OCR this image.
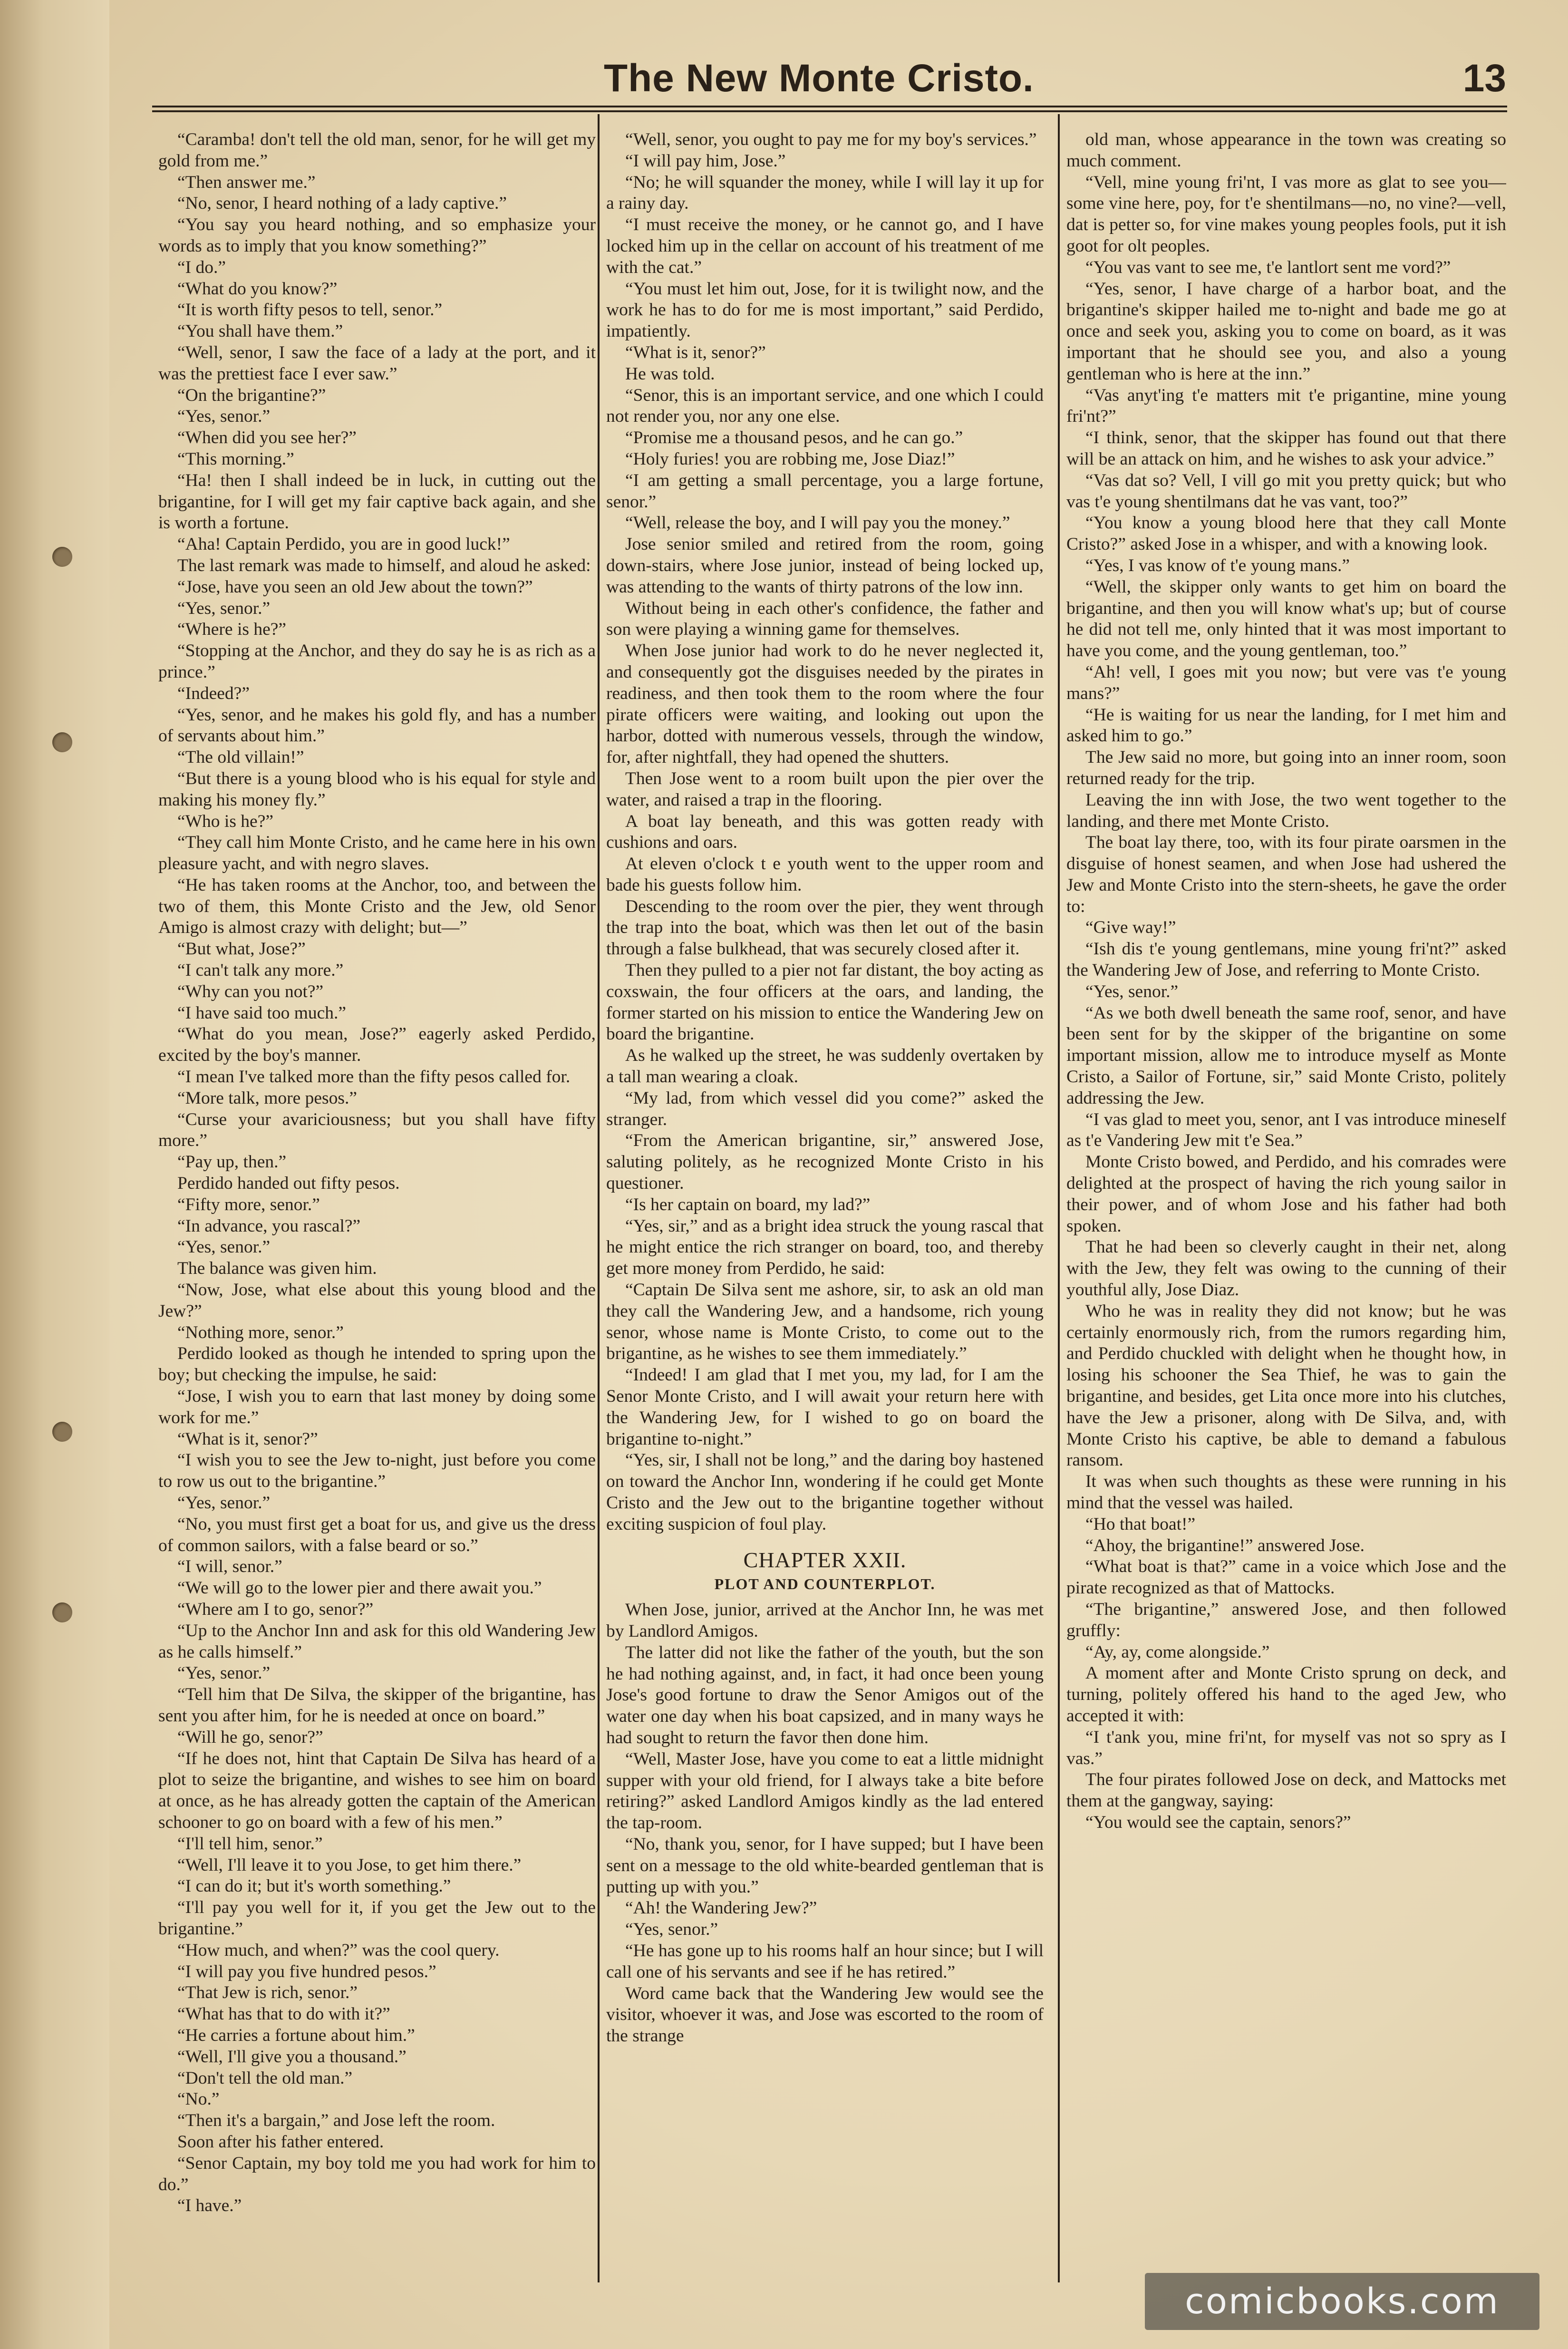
The New Monte Cristo.	13

“Caramba! don't tell the old man, senor, for he will get my gold from me.”

“Then answer me.”

“No, senor, I heard nothing of a lady captive.”

“You say you heard nothing, and so emphasize your words as to imply that you know something?”

“I do.”

“What do you know?”

“It is worth fifty pesos to tell, senor.”

“You shall have them.”

“Well, senor, I saw the face of a lady at the port, and it was the prettiest face I ever saw.”

“On the brigantine?”

“Yes, senor.”

“When did you see her?”

“This morning.”

“Ha! then I shall indeed be in luck, in cutting out the brigantine, for I will get my fair captive back again, and she is worth a fortune.

“Aha! Captain Perdido, you are in good luck!”

The last remark was made to himself, and aloud he asked:

“Jose, have you seen an old Jew about the town?”

“Yes, senor.”

“Where is he?”

“Stopping at the Anchor, and they do say he is as rich as a prince.”

“Indeed?”

“Yes, senor, and he makes his gold fly, and has a number of servants about him.”

“The old villain!”

“But there is a young blood who is his equal for style and making his money fly.”

“Who is he?”

“They call him Monte Cristo, and he came here in his own pleasure yacht, and with negro slaves.

“He has taken rooms at the Anchor, too, and between the two of them, this Monte Cristo and the Jew, old Senor Amigo is almost crazy with delight; but—”

“But what, Jose?”

“I can't talk any more.”

“Why can you not?”

“I have said too much.”

“What do you mean, Jose?” eagerly asked Perdido, excited by the boy's manner.

“I mean I've talked more than the fifty pesos called for.

“More talk, more pesos.”

“Curse your avariciousness; but you shall have fifty more.”

“Pay up, then.”

Perdido handed out fifty pesos.

“Fifty more, senor.”

“In advance, you rascal?”

“Yes, senor.”

The balance was given him.

“Now, Jose, what else about this young blood and the Jew?”

“Nothing more, senor.”

Perdido looked as though he intended to spring upon the boy; but checking the impulse, he said:

“Jose, I wish you to earn that last money by doing some work for me.”

“What is it, senor?”

“I wish you to see the Jew to-night, just before you come to row us out to the brigantine.”

“Yes, senor.”

“No, you must first get a boat for us, and give us the dress of common sailors, with a false beard or so.”

“I will, senor.”

“We will go to the lower pier and there await you.”

“Where am I to go, senor?”

“Up to the Anchor Inn and ask for this old Wandering Jew as he calls himself.”

“Yes, senor.”

“Tell him that De Silva, the skipper of the brigantine, has sent you after him, for he is needed at once on board.”

“Will he go, senor?”

“If he does not, hint that Captain De Silva has heard of a plot to seize the brigantine, and wishes to see him on board at once, as he has already gotten the captain of the American schooner to go on board with a few of his men.”

“I'll tell him, senor.”

“Well, I'll leave it to you Jose, to get him there.”

“I can do it; but it's worth something.”

“I'll pay you well for it, if you get the Jew out to the brigantine.”

“How much, and when?” was the cool query.

“I will pay you five hundred pesos.”

“That Jew is rich, senor.”

“What has that to do with it?”

“He carries a fortune about him.”

“Well, I'll give you a thousand.”

“Don't tell the old man.”

“No.”

“Then it's a bargain,” and Jose left the room.

Soon after his father entered.

“Senor Captain, my boy told me you had work for him to do.”

“I have.”

“Well, senor, you ought to pay me for my boy's services.”

“I will pay him, Jose.”

“No; he will squander the money, while I will lay it up for a rainy day.

“I must receive the money, or he cannot go, and I have locked him up in the cellar on account of his treatment of me with the cat.”

“You must let him out, Jose, for it is twilight now, and the work he has to do for me is most important,” said Perdido, impatiently.

“What is it, senor?”

He was told.

“Senor, this is an important service, and one which I could not render you, nor any one else.

“Promise me a thousand pesos, and he can go.”

“Holy furies! you are robbing me, Jose Diaz!”

“I am getting a small percentage, you a large fortune, senor.”

“Well, release the boy, and I will pay you the money.”

Jose senior smiled and retired from the room, going down-stairs, where Jose junior, instead of being locked up, was attending to the wants of thirty patrons of the low inn.

Without being in each other's confidence, the father and son were playing a winning game for themselves.

When Jose junior had work to do he never neglected it, and consequently got the disguises needed by the pirates in readiness, and then took them to the room where the four pirate officers were waiting, and looking out upon the harbor, dotted with numerous vessels, through the window, for, after nightfall, they had opened the shutters.

Then Jose went to a room built upon the pier over the water, and raised a trap in the flooring.

A boat lay beneath, and this was gotten ready with cushions and oars.

At eleven o'clock t e youth went to the upper room and bade his guests follow him.

Descending to the room over the pier, they went through the trap into the boat, which was then let out of the basin through a false bulkhead, that was securely closed after it.

Then they pulled to a pier not far distant, the boy acting as coxswain, the four officers at the oars, and landing, the former started on his mission to entice the Wandering Jew on board the brigantine.

As he walked up the street, he was suddenly overtaken by a tall man wearing a cloak.

“My lad, from which vessel did you come?” asked the stranger.

“From the American brigantine, sir,” answered Jose, saluting politely, as he recognized Monte Cristo in his questioner.

“Is her captain on board, my lad?”

“Yes, sir,” and as a bright idea struck the young rascal that he might entice the rich stranger on board, too, and thereby get more money from Perdido, he said:

“Captain De Silva sent me ashore, sir, to ask an old man they call the Wandering Jew, and a handsome, rich young senor, whose name is Monte Cristo, to come out to the brigantine, as he wishes to see them immediately.”

“Indeed! I am glad that I met you, my lad, for I am the Senor Monte Cristo, and I will await your return here with the Wandering Jew, for I wished to go on board the brigantine to-night.”

“Yes, sir, I shall not be long,” and the daring boy hastened on toward the Anchor Inn, wondering if he could get Monte Cristo and the Jew out to the brigantine together without exciting suspicion of foul play.

CHAPTER XXII.
PLOT AND COUNTERPLOT.

When Jose, junior, arrived at the Anchor Inn, he was met by Landlord Amigos.

The latter did not like the father of the youth, but the son he had nothing against, and, in fact, it had once been young Jose's good fortune to draw the Senor Amigos out of the water one day when his boat capsized, and in many ways he had sought to return the favor then done him.

“Well, Master Jose, have you come to eat a little midnight supper with your old friend, for I always take a bite before retiring?” asked Landlord Amigos kindly as the lad entered the tap-room.

“No, thank you, senor, for I have supped; but I have been sent on a message to the old white-bearded gentleman that is putting up with you.”

“Ah! the Wandering Jew?”

“Yes, senor.”

“He has gone up to his rooms half an hour since; but I will call one of his servants and see if he has retired.”

Word came back that the Wandering Jew would see the visitor, whoever it was, and Jose was escorted to the room of the strange

old man, whose appearance in the town was creating so much comment.

“Vell, mine young fri'nt, I vas more as glat to see you—some vine here, poy, for t'e shentilmans—no, no vine?—vell, dat is petter so, for vine makes young peoples fools, put it ish goot for olt peoples.

“You vas vant to see me, t'e lantlort sent me vord?”

“Yes, senor, I have charge of a harbor boat, and the brigantine's skipper hailed me to-night and bade me go at once and seek you, asking you to come on board, as it was important that he should see you, and also a young gentleman who is here at the inn.”

“Vas anyt'ing t'e matters mit t'e prigantine, mine young fri'nt?”

“I think, senor, that the skipper has found out that there will be an attack on him, and he wishes to ask your advice.”

“Vas dat so? Vell, I vill go mit you pretty quick; but who vas t'e young shentilmans dat he vas vant, too?”

“You know a young blood here that they call Monte Cristo?” asked Jose in a whisper, and with a knowing look.

“Yes, I vas know of t'e young mans.”

“Well, the skipper only wants to get him on board the brigantine, and then you will know what's up; but of course he did not tell me, only hinted that it was most important to have you come, and the young gentleman, too.”

“Ah! vell, I goes mit you now; but vere vas t'e young mans?”

“He is waiting for us near the landing, for I met him and asked him to go.”

The Jew said no more, but going into an inner room, soon returned ready for the trip.

Leaving the inn with Jose, the two went together to the landing, and there met Monte Cristo.

The boat lay there, too, with its four pirate oarsmen in the disguise of honest seamen, and when Jose had ushered the Jew and Monte Cristo into the stern-sheets, he gave the order to:

“Give way!”

“Ish dis t'e young gentlemans, mine young fri'nt?” asked the Wandering Jew of Jose, and referring to Monte Cristo.

“Yes, senor.”

“As we both dwell beneath the same roof, senor, and have been sent for by the skipper of the brigantine on some important mission, allow me to introduce myself as Monte Cristo, a Sailor of Fortune, sir,” said Monte Cristo, politely addressing the Jew.

“I vas glad to meet you, senor, ant I vas introduce mineself as t'e Vandering Jew mit t'e Sea.”

Monte Cristo bowed, and Perdido, and his comrades were delighted at the prospect of having the rich young sailor in their power, and of whom Jose and his father had both spoken.

That he had been so cleverly caught in their net, along with the Jew, they felt was owing to the cunning of their youthful ally, Jose Diaz.

Who he was in reality they did not know; but he was certainly enormously rich, from the rumors regarding him, and Perdido chuckled with delight when he thought how, in losing his schooner the Sea Thief, he was to gain the brigantine, and besides, get Lita once more into his clutches, have the Jew a prisoner, along with De Silva, and, with Monte Cristo his captive, be able to demand a fabulous ransom.

It was when such thoughts as these were running in his mind that the vessel was hailed.

“Ho that boat!”

“Ahoy, the brigantine!” answered Jose.

“What boat is that?” came in a voice which Jose and the pirate recognized as that of Mattocks.

“The brigantine,” answered Jose, and then followed gruffly:

“Ay, ay, come alongside.”

A moment after and Monte Cristo sprung on deck, and turning, politely offered his hand to the aged Jew, who accepted it with:

“I t'ank you, mine fri'nt, for myself vas not so spry as I vas.”

The four pirates followed Jose on deck, and Mattocks met them at the gangway, saying:

“You would see the captain, senors?”

comicbooks.com
